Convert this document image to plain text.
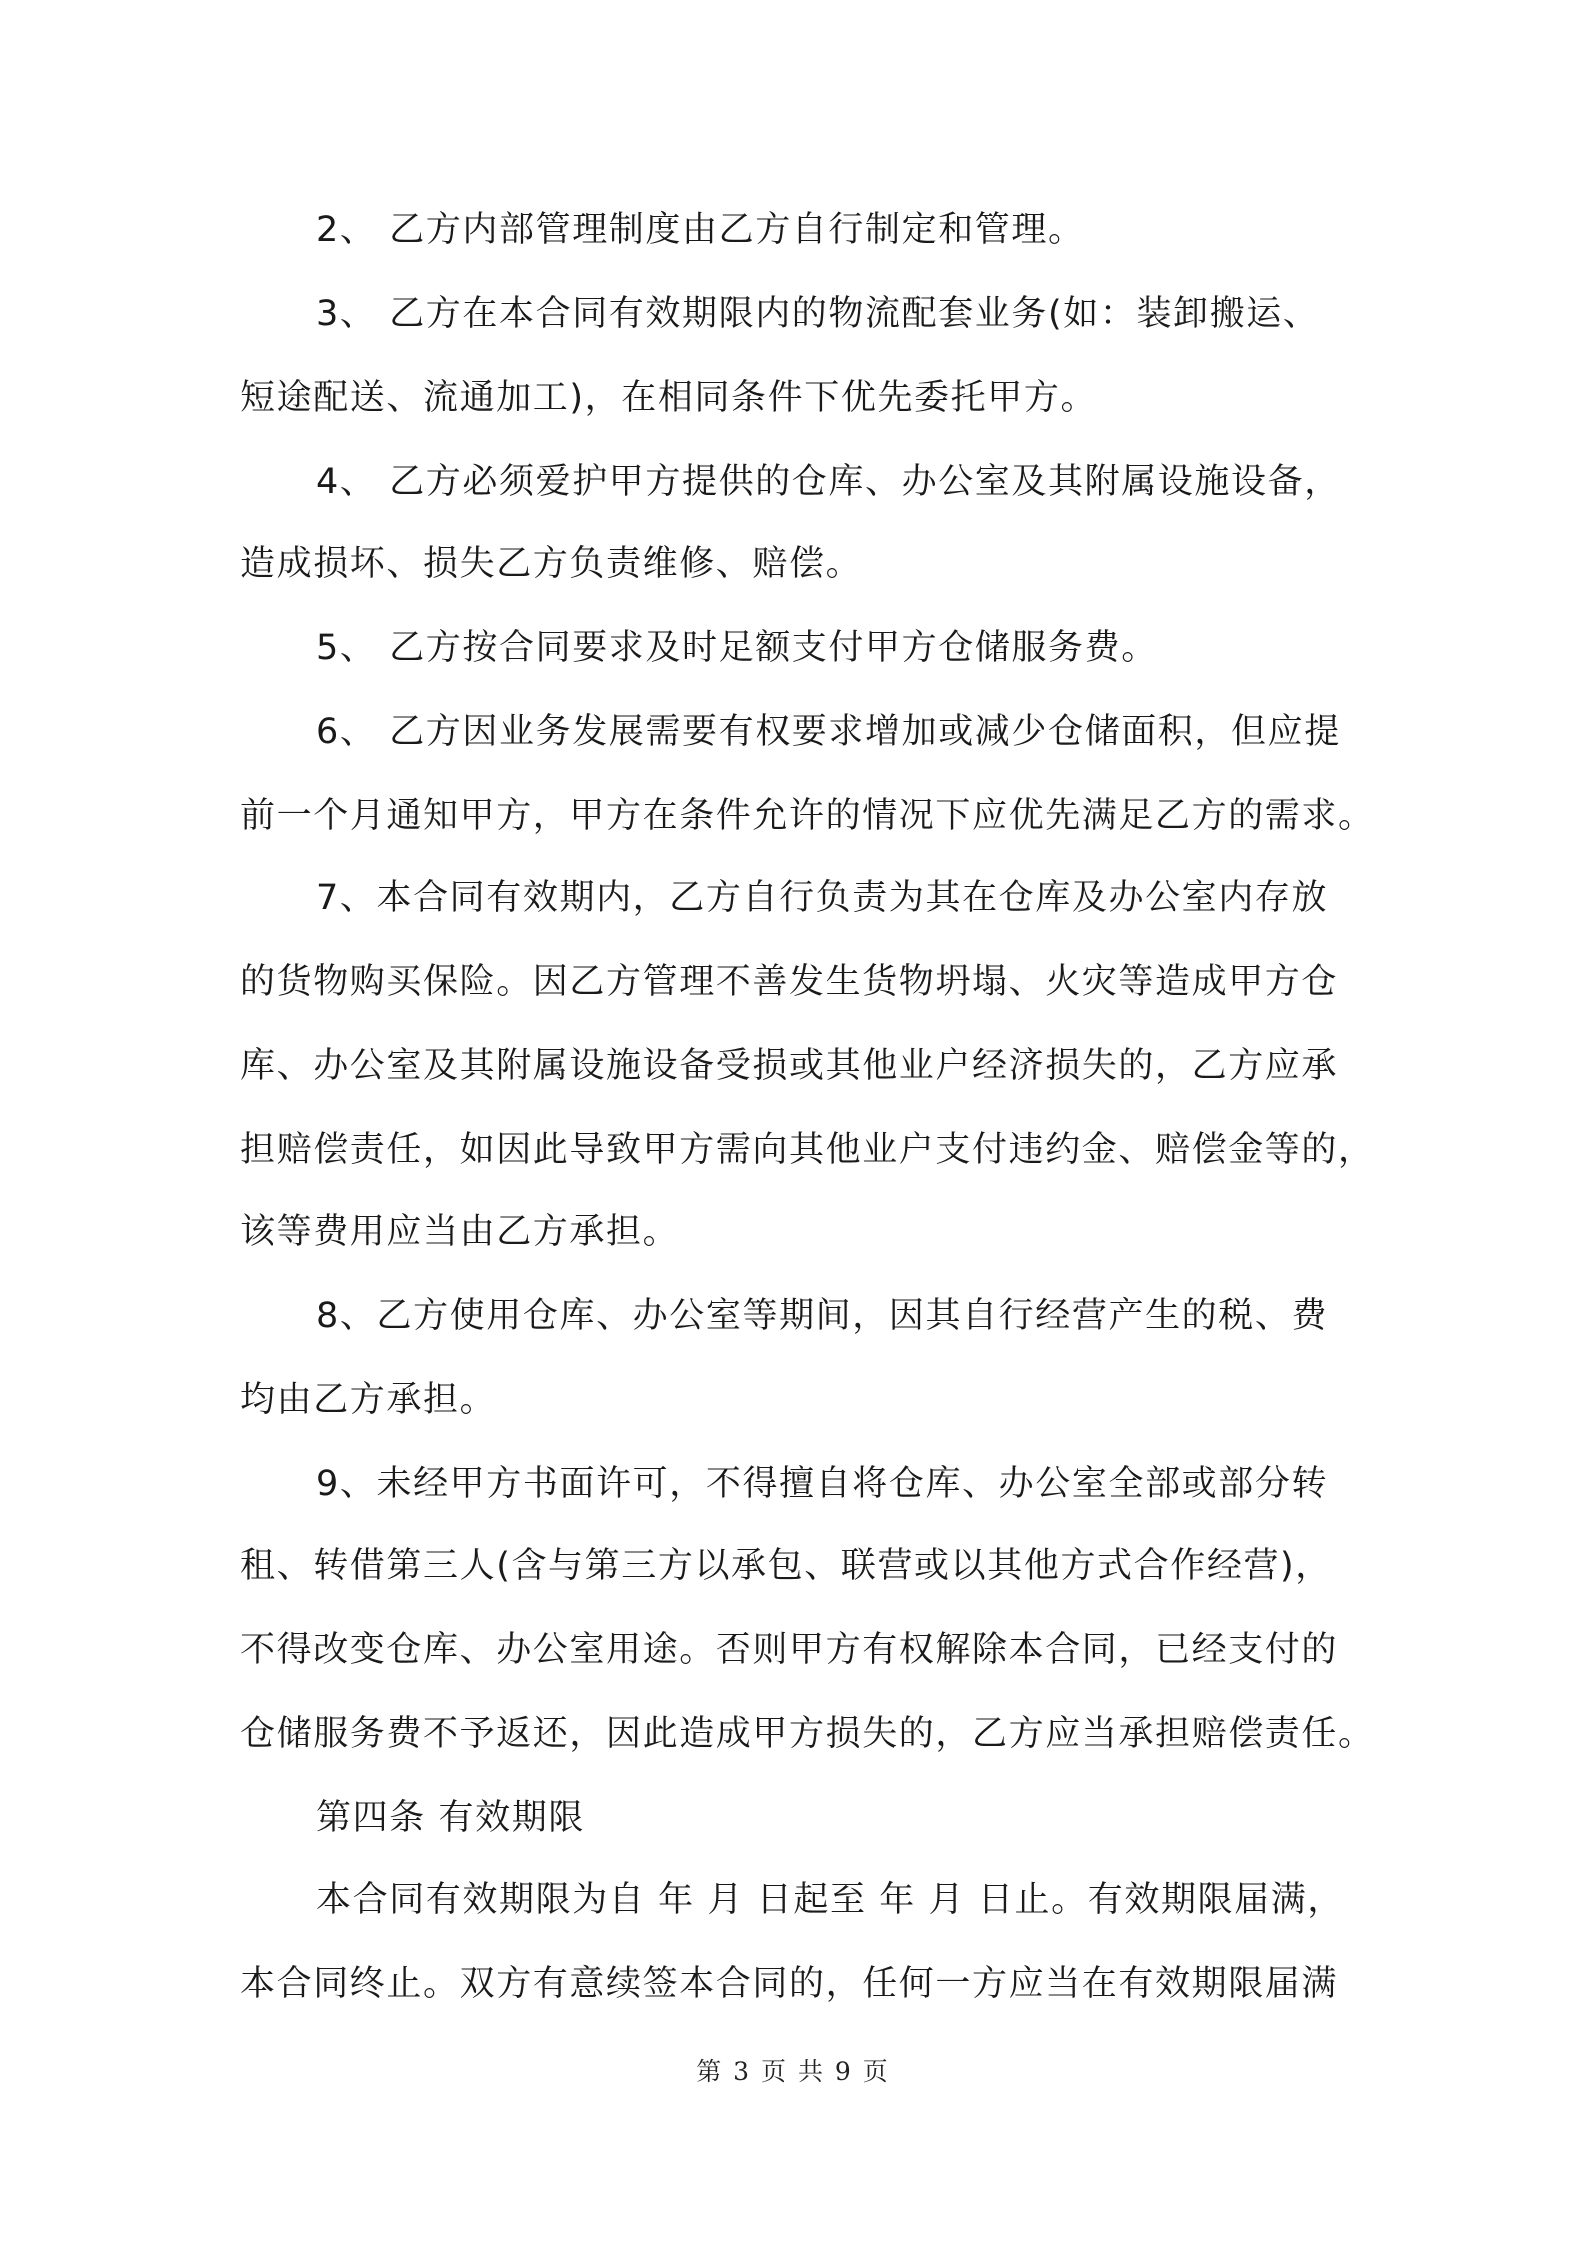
2、 乙方内部管理制度由乙方自行制定和管理。
3、 乙方在本合同有效期限内的物流配套业务(如：装卸搬运、
短途配送、流通加工)，在相同条件下优先委托甲方。
4、 乙方必须爱护甲方提供的仓库、办公室及其附属设施设备，
造成损坏、损失乙方负责维修、赔偿。
5、 乙方按合同要求及时足额支付甲方仓储服务费。
6、 乙方因业务发展需要有权要求增加或减少仓储面积，但应提
前一个月通知甲方，甲方在条件允许的情况下应优先满足乙方的需求。
7、本合同有效期内，乙方自行负责为其在仓库及办公室内存放
的货物购买保险。因乙方管理不善发生货物坍塌、火灾等造成甲方仓
库、办公室及其附属设施设备受损或其他业户经济损失的，乙方应承
担赔偿责任，如因此导致甲方需向其他业户支付违约金、赔偿金等的，
该等费用应当由乙方承担。
8、乙方使用仓库、办公室等期间，因其自行经营产生的税、费
均由乙方承担。
9、未经甲方书面许可，不得擅自将仓库、办公室全部或部分转
租、转借第三人(含与第三方以承包、联营或以其他方式合作经营)，
不得改变仓库、办公室用途。否则甲方有权解除本合同，已经支付的
仓储服务费不予返还，因此造成甲方损失的，乙方应当承担赔偿责任。
第四条 有效期限
本合同有效期限为自 年 月 日起至 年 月 日止。有效期限届满，
本合同终止。双方有意续签本合同的，任何一方应当在有效期限届满
第 3 页 共 9 页
